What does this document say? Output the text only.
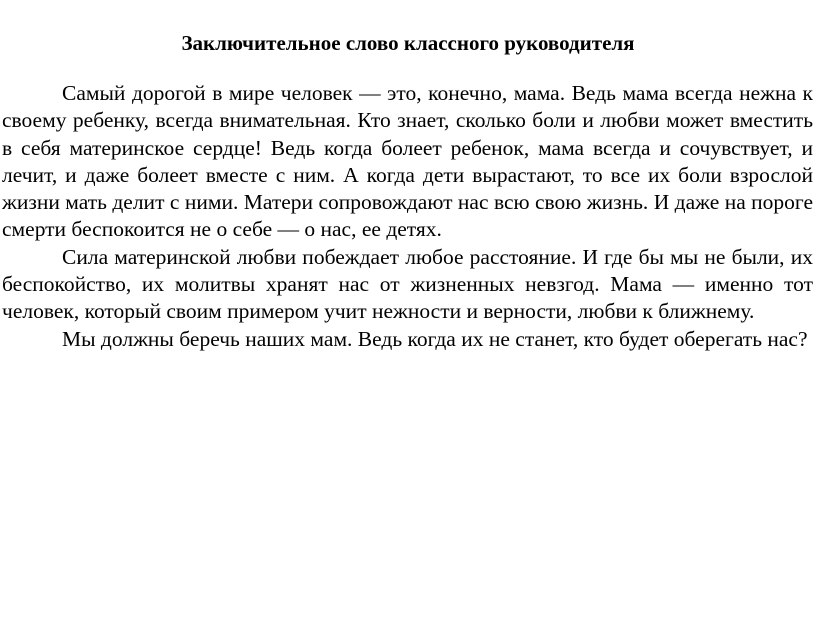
Заключительное слово классного руководителя

Самый дорогой в мире человек — это, конечно, мама. Ведь мама всегда нежна к своему ребенку, всегда внимательная. Кто знает, сколько боли и любви может вместить в себя материнское сердце! Ведь когда болеет ребенок, мама всегда и сочувствует, и лечит, и даже болеет вместе с ним. А когда дети вырастают, то все их боли взрослой жизни мать делит с ними. Матери сопровождают нас всю свою жизнь. И даже на пороге смерти беспокоится не о себе — о нас, ее детях.

Сила материнской любви побеждает любое расстояние. И где бы мы не были, их беспокойство, их молитвы хранят нас от жизненных невзгод. Мама — именно тот человек, который своим примером учит нежности и верности, любви к ближнему.

Мы должны беречь наших мам. Ведь когда их не станет, кто будет оберегать нас?
